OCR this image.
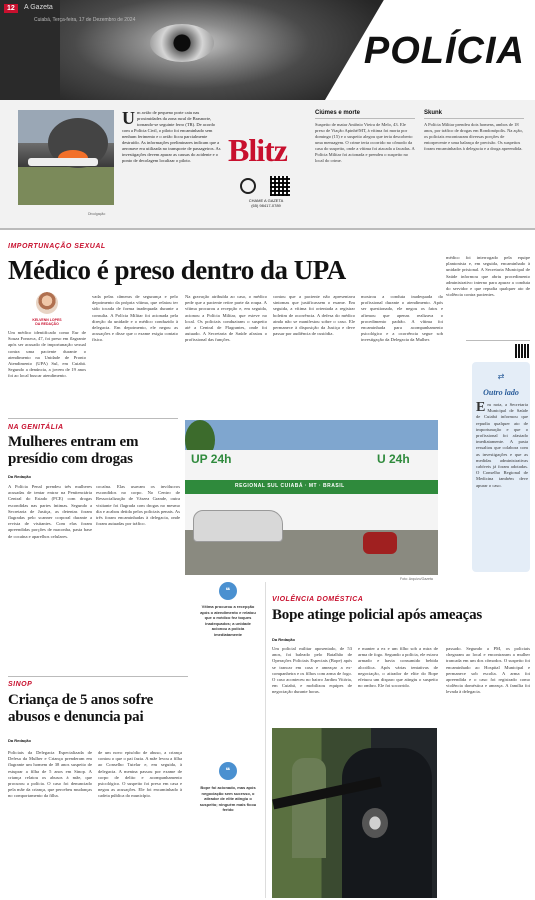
12	A Gazeta
Cuiabá, Terça-feira, 17 de Dezembro de 2024
POLÍCIA
Divulgação
U m avião de pequeno porte caiu nas proximidades da zona rural de Brasnorte, tornando-se seguinte ferro (TR). De acordo com a Polícia Civil, o piloto foi encaminhado sem nenhum ferimento e o avião ficou parcialmente destruído. As informações preliminares indicam que a aeronave era utilizada no transporte de passageiros. As investigações devem apurar as causas do acidente e o ponto de decolagem localizar o piloto.	Blitz
CHAME A GAZETA
(65) 98417-0789
Ciúmes e morte

Suspeito de matar Antônio Vieira de Melo, 43. Ele preso de Viação Apinhé/MT, à vítima foi morta por domingo (15) e o suspeito alegou que teria descoberto uma mensagem. O crime teria ocorrido no cômodo da casa do suspeito, onde a vítima foi atacada a facadas. A Polícia Militar foi acionada e prendeu o suspeito no local do crime.

Skunk

A Polícia Militar prendeu dois homens, ambos de 18 anos, por tráfico de drogas em Rondonópolis. Na ação, os policiais encontraram diversas porções de entorpecente e uma balança de precisão. Os suspeitos foram encaminhados à delegacia e a droga apreendida.

IMPORTUNAÇÃO SEXUAL
Médico é preso dentro da UPA
KELVENN LOPES
DA REDAÇÃO

Um médico identificado como Eur de Souza Fonseca, 47, foi preso em flagrante após ser acusado de importunação sexual contra uma paciente durante o atendimento na Unidade de Pronto Atendimento (UPA) Sul, em Cuiabá. Segundo a denúncia, a jovem de 19 anos foi ao local buscar atendimento.

vada pelas câmeras de segurança e pelo depoimento da própria vítima, que relatou ter sido tocada de forma inadequada durante a consulta. A Polícia Militar foi acionada pela direção da unidade e o médico conduzido à delegacia. Em depoimento, ele negou as acusações e disse que o exame exigia contato físico.

Na gravação atribuída ao caso, o médico pede que a paciente retire parte da roupa. A vítima procurou a recepção e, em seguida, acionou a Polícia Militar, que esteve no local. Os policiais conduziram o suspeito até a Central de Flagrantes, onde foi autuado. A Secretaria de Saúde afastou o profissional das funções.

contou que a paciente não apresentava sintomas que justificassem o exame. Em seguida, a vítima foi orientada a registrar boletim de ocorrência. A defesa do médico ainda não se manifestou sobre o caso. Ele permanece à disposição da Justiça e deve passar por audiência de custódia.

mostrou a conduta inadequada do profissional durante o atendimento. Após ser questionado, ele negou os fatos e afirmou que apenas realizava o procedimento padrão. A vítima foi encaminhada para acompanhamento psicológico e a ocorrência segue sob investigação da Delegacia da Mulher.

médico foi interrogado pela equipe plantonista e, em seguida, encaminhado à unidade prisional. A Secretaria Municipal de Saúde informou que abriu procedimento administrativo interno para apurar a conduta do servidor e que repudia qualquer ato de violência contra pacientes.

⇄
Outro lado

Em nota, a Secretaria Municipal de Saúde de Cuiabá informou que repudia qualquer ato de importunação e que o profissional foi afastado imediatamente. A pasta ressaltou que colabora com as investigações e que as medidas administrativas cabíveis já foram adotadas. O Conselho Regional de Medicina também deve apurar o caso.

NA GENITÁLIA
Mulheres entram em presídio com drogas
Da Redação

A Polícia Penal prendeu três mulheres acusadas de tentar entrar na Penitenciária Central do Estado (PCE) com drogas escondidas nas partes íntimas. Segundo a Secretaria de Justiça, as detentas foram flagradas pelo scanner corporal durante a revista de visitantes. Com elas foram apreendidas porções de maconha, pasta base de cocaína e aparelhos celulares.

cocaína. Elas usavam os invólucros escondidos no corpo. No Centro de Ressocialização de Várzea Grande, outra visitante foi flagrada com drogas no mesmo dia e acabou detida pelos policiais penais. As três foram encaminhadas à delegacia, onde foram autuadas por tráfico.

UP 24h	U 24h
REGIONAL SUL CUIABÁ · MT · BRASIL
Foto: Arquivo/Gazeta
❝

Vítima procurou a recepção após o atendimento e relatou que o médico fez toques inadequados; a unidade acionou a polícia imediatamente

VIOLÊNCIA DOMÉSTICA
Bope atinge policial após ameaças
Da Redação

Um policial militar aposentado, de 53 anos, foi baleado pelo Batalhão de Operações Policiais Especiais (Bope) após se trancar em casa e ameaçar a ex-companheira e os filhos com arma de fogo. O caso aconteceu no bairro Jardim Vitória, em Cuiabá, e mobilizou equipes de negociação durante horas.

e manter a ex e um filho sob a mira de arma de fogo. Segundo a polícia, ele estava armado e havia consumido bebida alcoólica. Após várias tentativas de negociação, o atirador de elite do Bope efetuou um disparo que atingiu o suspeito no ombro. Ele foi socorrido.

passado. Segundo a PM, os policiais chegaram ao local e encontraram a mulher trancada em um dos cômodos. O suspeito foi encaminhado ao Hospital Municipal e permanece sob escolta. A arma foi apreendida e o caso foi registrado como violência doméstica e ameaça. A família foi levada à delegacia.

❝

Bope foi acionado, mas após negociação sem sucesso, o atirador de elite atingiu o suspeito; ninguém mais ficou ferido

SINOP
Criança de 5 anos sofre abusos e denuncia pai
Da Redação

Policiais da Delegacia Especializada de Defesa da Mulher e Criança prenderam em flagrante um homem de 38 anos suspeito de estuprar a filha de 5 anos em Sinop. A criança relatou os abusos à mãe, que procurou a polícia. O caso foi denunciado pela mãe da criança, que percebeu mudanças no comportamento da filha.

de um novo episódio de abuso, a criança contou o que o pai fazia. A mãe levou a filha ao Conselho Tutelar e, em seguida, à delegacia. A menina passou por exame de corpo de delito e acompanhamento psicológico. O suspeito foi preso em casa e negou as acusações. Ele foi encaminhado à cadeia pública do município.
